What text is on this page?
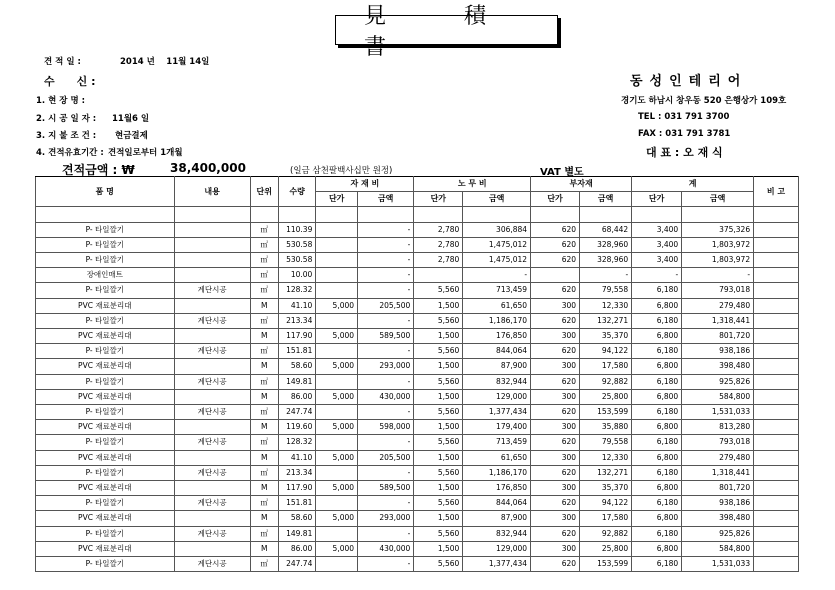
見　積　書
견 적 일 :	2014 년　 11월 14일
수　　신 :
1. 현 장 명 :
2. 시 공 일 자 : 11월6 일
3. 지 불 조 건 : 현금결제
4. 견적유효기간 : 견적일로부터 1개월
견적금액 : ₩	38,400,000	(일금 삼천팔백사십만 원정)	VAT 별도
동성인테리어
경기도 하남시 창우동 520 은행상가 109호
TEL : 031 791 3700
FAX : 031 791 3781
대 표 : 오 재 식
품 명	내용	단위	수량	자 재 비		노 무 비		부자재		계		비 고
				단가	금액	단가	금액	단가	금액	단가	금액	

P- 타일깔기		㎡	110.39		-	2,780	306,884	620	68,442	3,400	375,326	
P- 타일깔기		㎡	530.58		-	2,780	1,475,012	620	328,960	3,400	1,803,972	
P- 타일깔기		㎡	530.58		-	2,780	1,475,012	620	328,960	3,400	1,803,972	
장애인매트		㎡	10.00		-		-		-	-	-	
P- 타일깔기	계단시공	㎡	128.32		-	5,560	713,459	620	79,558	6,180	793,018	
PVC 재료분리대		M	41.10	5,000	205,500	1,500	61,650	300	12,330	6,800	279,480	
P- 타일깔기	계단시공	㎡	213.34		-	5,560	1,186,170	620	132,271	6,180	1,318,441	
PVC 재료분리대		M	117.90	5,000	589,500	1,500	176,850	300	35,370	6,800	801,720	
P- 타일깔기	계단시공	㎡	151.81		-	5,560	844,064	620	94,122	6,180	938,186	
PVC 재료분리대		M	58.60	5,000	293,000	1,500	87,900	300	17,580	6,800	398,480	
P- 타일깔기	계단시공	㎡	149.81		-	5,560	832,944	620	92,882	6,180	925,826	
PVC 재료분리대		M	86.00	5,000	430,000	1,500	129,000	300	25,800	6,800	584,800	
P- 타일깔기	계단시공	㎡	247.74		-	5,560	1,377,434	620	153,599	6,180	1,531,033	
PVC 재료분리대		M	119.60	5,000	598,000	1,500	179,400	300	35,880	6,800	813,280	
P- 타일깔기	계단시공	㎡	128.32		-	5,560	713,459	620	79,558	6,180	793,018	
PVC 재료분리대		M	41.10	5,000	205,500	1,500	61,650	300	12,330	6,800	279,480	
P- 타일깔기	계단시공	㎡	213.34		-	5,560	1,186,170	620	132,271	6,180	1,318,441	
PVC 재료분리대		M	117.90	5,000	589,500	1,500	176,850	300	35,370	6,800	801,720	
P- 타일깔기	계단시공	㎡	151.81		-	5,560	844,064	620	94,122	6,180	938,186	
PVC 재료분리대		M	58.60	5,000	293,000	1,500	87,900	300	17,580	6,800	398,480	
P- 타일깔기	계단시공	㎡	149.81		-	5,560	832,944	620	92,882	6,180	925,826	
PVC 재료분리대		M	86.00	5,000	430,000	1,500	129,000	300	25,800	6,800	584,800	
P- 타일깔기	계단시공	㎡	247.74		-	5,560	1,377,434	620	153,599	6,180	1,531,033	
